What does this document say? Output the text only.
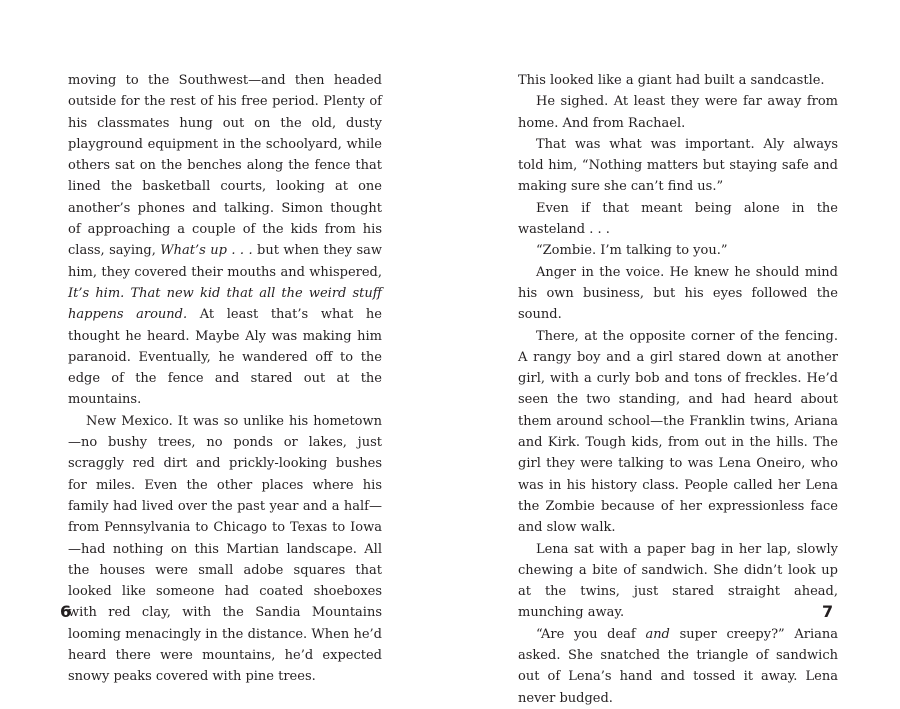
moving to the Southwest—and then headed outside for the rest of his free period. Plenty of his classmates hung out on the old, dusty playground equipment in the schoolyard, while others sat on the benches along the fence that lined the basketball courts, looking at one another’s phones and talking. Simon thought of approaching a couple of the kids from his class, saying, What’s up . . . but when they saw him, they covered their mouths and whispered, It’s him. That new kid that all the weird stuff happens around. At least that’s what he thought he heard. Maybe Aly was making him paranoid. Eventually, he wandered off to the edge of the fence and stared out at the mountains.

New Mexico. It was so unlike his hometown—no bushy trees, no ponds or lakes, just scraggly red dirt and prickly-looking bushes for miles. Even the other places where his family had lived over the past year and a half—from Pennsylvania to Chicago to Texas to Iowa—had nothing on this Martian landscape. All the houses were small adobe squares that looked like someone had coated shoeboxes with red clay, with the Sandia Mountains looming menacingly in the distance. When he’d heard there were mountains, he’d expected snowy peaks covered with pine trees.

6

This looked like a giant had built a sandcastle.

He sighed. At least they were far away from home. And from Rachael.

That was what was important. Aly always told him, “Nothing matters but staying safe and making sure she can’t find us.”

Even if that meant being alone in the wasteland . . .

“Zombie. I’m talking to you.”

Anger in the voice. He knew he should mind his own business, but his eyes followed the sound.

There, at the opposite corner of the fencing. A rangy boy and a girl stared down at another girl, with a curly bob and tons of freckles. He’d seen the two standing, and had heard about them around school—the Franklin twins, Ariana and Kirk. Tough kids, from out in the hills. The girl they were talking to was Lena Oneiro, who was in his history class. People called her Lena the Zombie because of her expressionless face and slow walk.

Lena sat with a paper bag in her lap, slowly chewing a bite of sandwich. She didn’t look up at the twins, just stared straight ahead, munching away.

“Are you deaf and super creepy?” Ariana asked. She snatched the triangle of sandwich out of Lena’s hand and tossed it away. Lena never budged.

7
